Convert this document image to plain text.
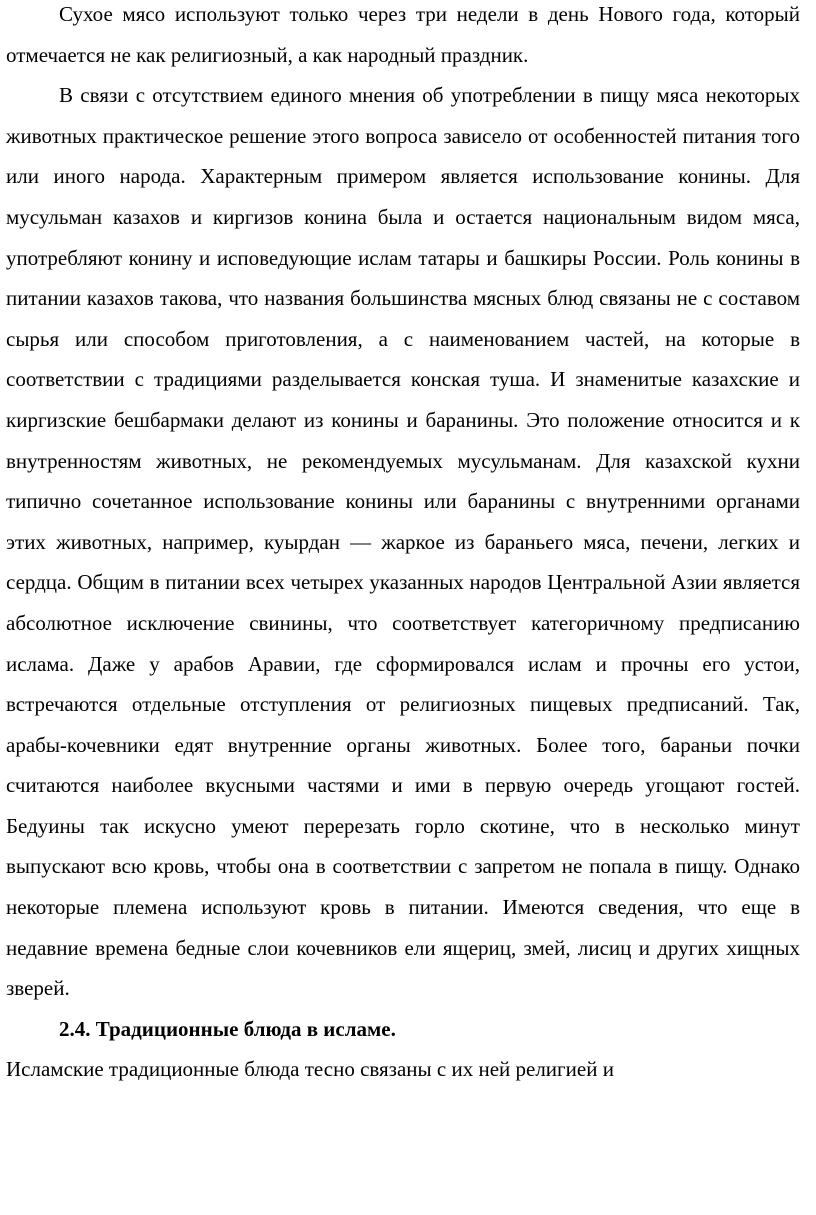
Сухое мясо используют только через три недели в день Нового года, который отмечается не как религиозный, а как народный праздник.

В связи с отсутствием единого мнения об употреблении в пищу мяса некоторых животных практическое решение этого вопроса зависело от особенностей питания того или иного народа. Характерным примером является использование конины. Для мусульман казахов и киргизов конина была и остается национальным видом мяса, употребляют конину и исповедующие ислам татары и башкиры России. Роль конины в питании казахов такова, что названия большинства мясных блюд связаны не с составом сырья или способом приготовления, а с наименованием частей, на которые в соответствии с традициями разделывается конская туша. И знаменитые казахские и киргизские бешбармаки делают из конины и баранины. Это положение относится и к внутренностям животных, не рекомендуемых мусульманам. Для казахской кухни типично сочетанное использование конины или баранины с внутренними органами этих животных, например, куырдан — жаркое из бараньего мяса, печени, легких и сердца. Общим в питании всех четырех указанных народов Центральной Азии является абсолютное исключение свинины, что соответствует категоричному предписанию ислама. Даже у арабов Аравии, где сформировался ислам и прочны его устои, встречаются отдельные отступления от религиозных пищевых предписаний. Так, арабы-кочевники едят внутренние органы животных. Более того, бараньи почки считаются наиболее вкусными частями и ими в первую очередь угощают гостей. Бедуины так искусно умеют перерезать горло скотине, что в несколько минут выпускают всю кровь, чтобы она в соответствии с запретом не попала в пищу. Однако некоторые племена используют кровь в питании. Имеются сведения, что еще в недавние времена бедные слои кочевников ели ящериц, змей, лисиц и других хищных зверей.

2.4. Традиционные блюда в исламе.

Исламские традиционные блюда тесно связаны с их ней религией и
